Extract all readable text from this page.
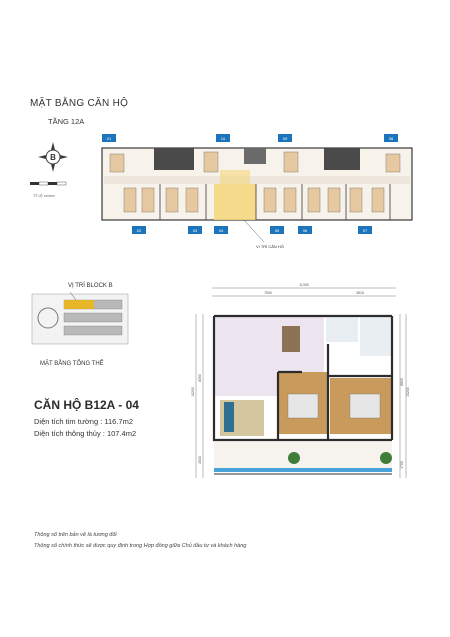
MẶT BẰNG CĂN HỘ
TẦNG 12A
B
TỶ LỆ xx/xxm
01	10	09	08
02	03	04	05	06	07
VỊ TRÍ CĂN HỘ
VỊ TRÍ BLOCK B
MẶT BẰNG TỔNG THỂ
CĂN HỘ B12A - 04
Diện tích tim tường : 116.7m2
Diện tích thông thủy : 107.4m2
11300
7500	3815
10200
8260
2000
10200
8800
1700
Thông số trên bản vẽ là tương đối
Thông số chính thức sẽ được quy định trong Hợp đồng giữa Chủ đầu tư và khách hàng
